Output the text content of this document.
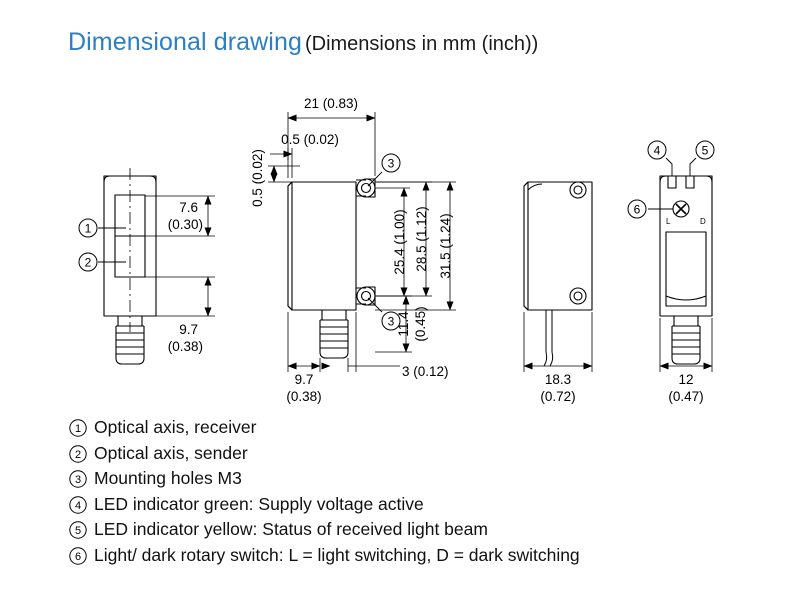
Dimensional drawing (Dimensions in mm (inch))
1
2
3
3
4	5
6
0.5 (0.02)
21 (0.83)
0.5 (0.02)
7.6
(0.30)
9.7
(0.38)
25.4 (1.00) 28.5 (1.12) 31.5 (1.24)
11.4 (0.45)
9.7
(0.38)
3 (0.12)
18.3
(0.72)
12
(0.47)
L	D
1 Optical axis, receiver
2 Optical axis, sender
3 Mounting holes M3
4 LED indicator green: Supply voltage active
5 LED indicator yellow: Status of received light beam
6 Light/ dark rotary switch: L = light switching, D = dark switching
